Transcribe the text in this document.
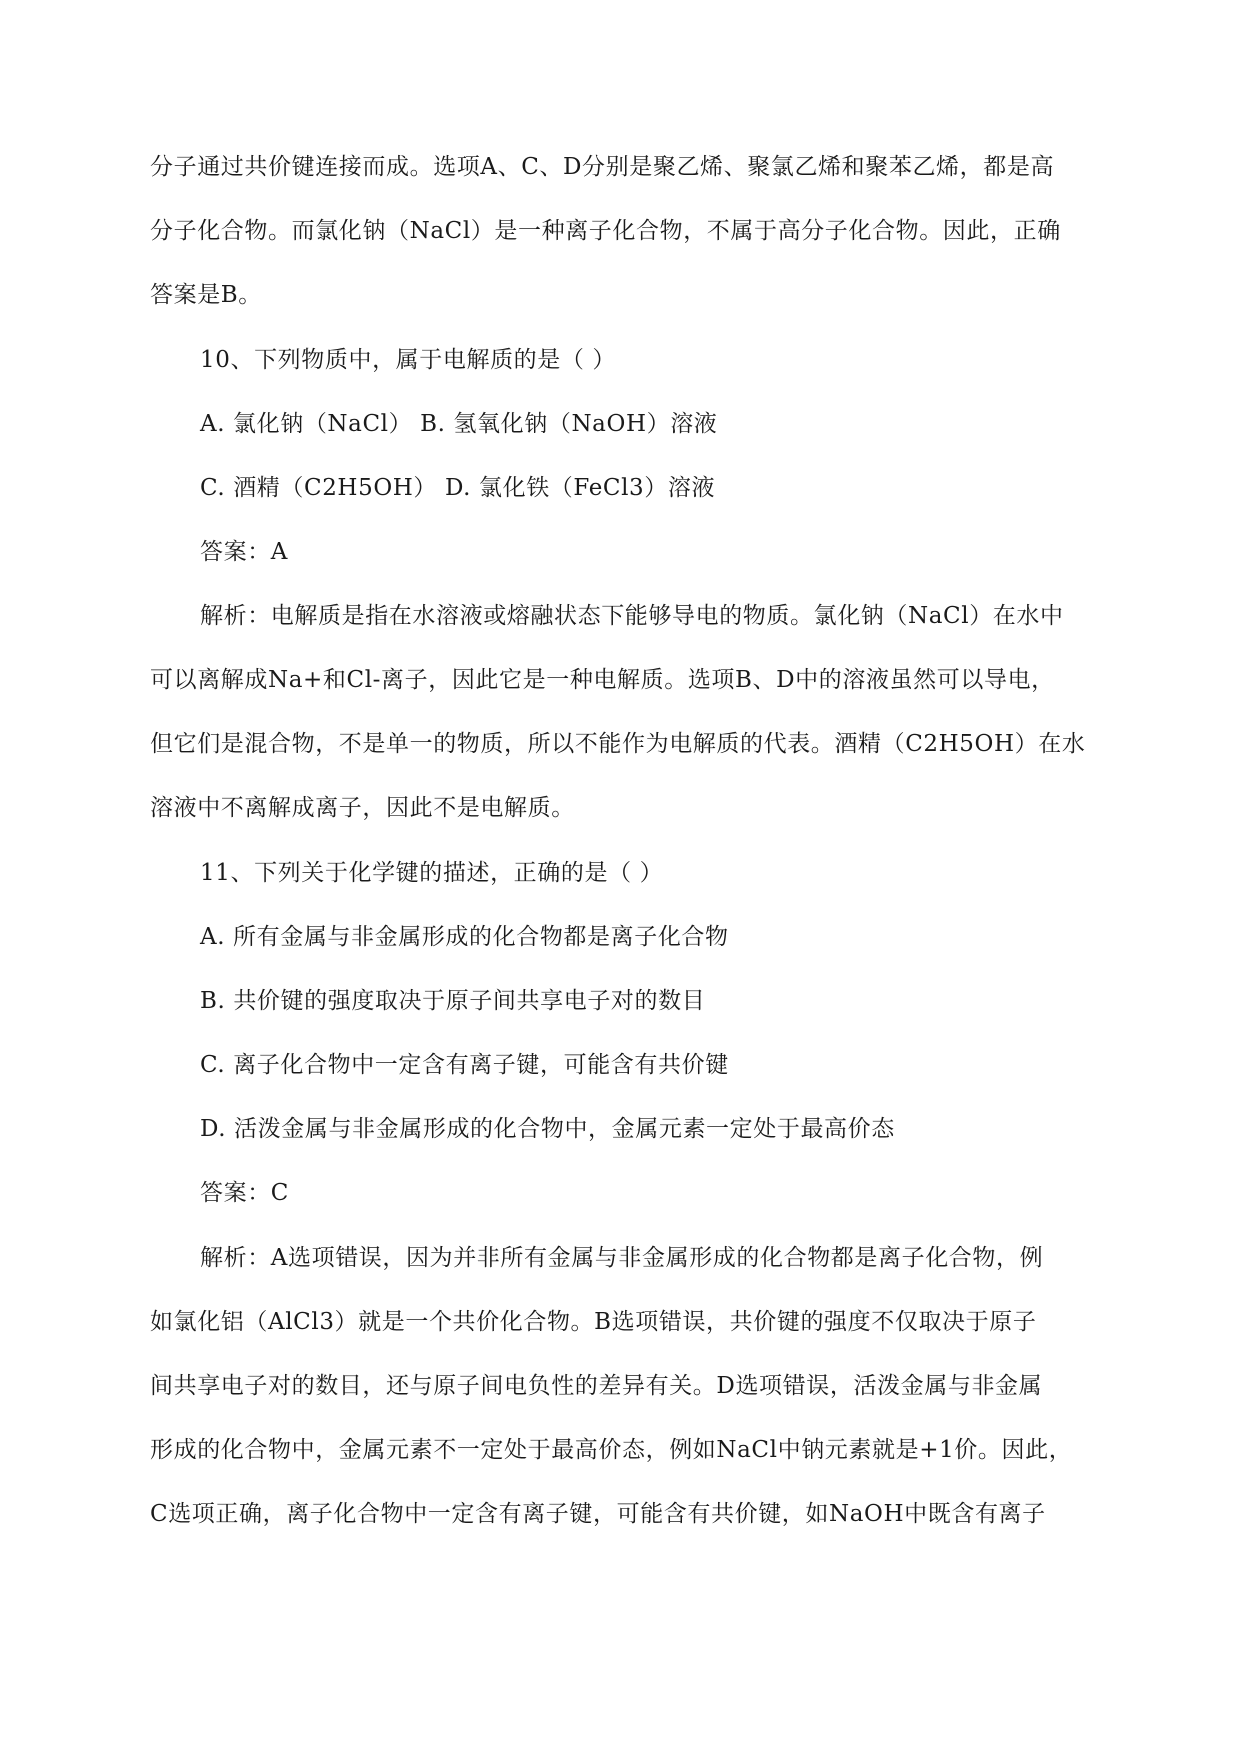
分子通过共价键连接而成。选项A、C、D分别是聚乙烯、聚氯乙烯和聚苯乙烯，都是高
分子化合物。而氯化钠（NaCl）是一种离子化合物，不属于高分子化合物。因此，正确
答案是B。
10、下列物质中，属于电解质的是（ ）
A. 氯化钠（NaCl） B. 氢氧化钠（NaOH）溶液
C. 酒精（C2H5OH） D. 氯化铁（FeCl3）溶液
答案：A
解析：电解质是指在水溶液或熔融状态下能够导电的物质。氯化钠（NaCl）在水中
可以离解成Na+和Cl-离子，因此它是一种电解质。选项B、D中的溶液虽然可以导电，
但它们是混合物，不是单一的物质，所以不能作为电解质的代表。酒精（C2H5OH）在水
溶液中不离解成离子，因此不是电解质。
11、下列关于化学键的描述，正确的是（ ）
A. 所有金属与非金属形成的化合物都是离子化合物
B. 共价键的强度取决于原子间共享电子对的数目
C. 离子化合物中一定含有离子键，可能含有共价键
D. 活泼金属与非金属形成的化合物中，金属元素一定处于最高价态
答案：C
解析：A选项错误，因为并非所有金属与非金属形成的化合物都是离子化合物，例
如氯化铝（AlCl3）就是一个共价化合物。B选项错误，共价键的强度不仅取决于原子
间共享电子对的数目，还与原子间电负性的差异有关。D选项错误，活泼金属与非金属
形成的化合物中，金属元素不一定处于最高价态，例如NaCl中钠元素就是+1价。因此，
C选项正确，离子化合物中一定含有离子键，可能含有共价键，如NaOH中既含有离子
